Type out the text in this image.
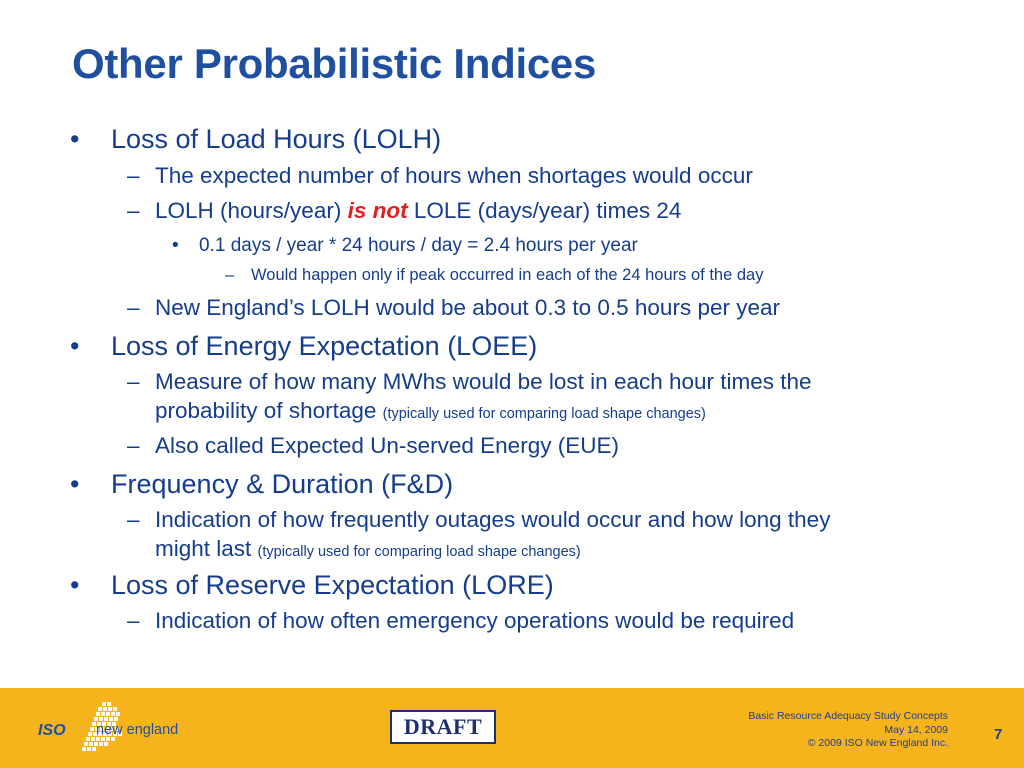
Other Probabilistic Indices
• Loss of Load Hours (LOLH)
– The expected number of hours when shortages would occur
– LOLH (hours/year) is not LOLE (days/year) times 24
• 0.1 days / year * 24 hours / day = 2.4 hours per year
– Would happen only if peak occurred in each of the 24 hours of the day
– New England’s LOLH would be about 0.3 to 0.5 hours per year
• Loss of Energy Expectation (LOEE)
– Measure of how many MWhs would be lost in each hour times the
probability of shortage (typically used for comparing load shape changes)
– Also called Expected Un-served Energy (EUE)
• Frequency & Duration (F&D)
– Indication of how frequently outages would occur and how long they
might last (typically used for comparing load shape changes)
• Loss of Reserve Expectation (LORE)
– Indication of how often emergency operations would be required
ISO new england	DRAFT	Basic Resource Adequacy Study Concepts
May 14, 2009
© 2009 ISO New England Inc.	7
